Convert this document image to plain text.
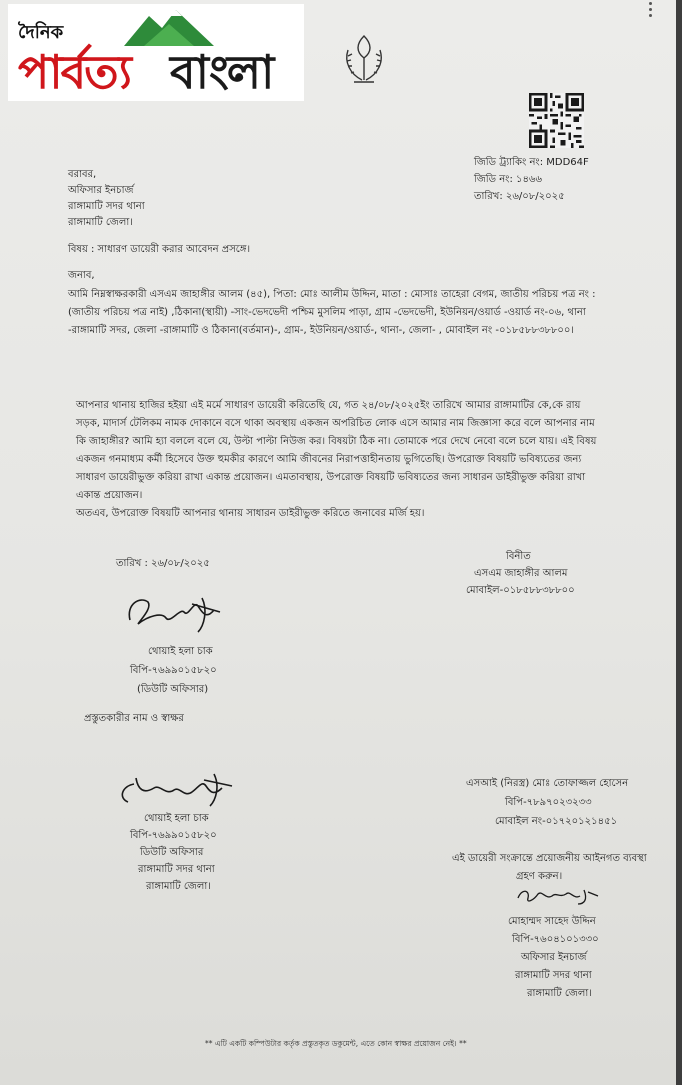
দৈনিক
পার্বত্য বাংলা
জিডি ট্র্যাকিং নং: MDD64F
জিডি নং: ১৪৬৬
তারিখ: ২৬/০৮/২০২৫
বরাবর,
অফিসার ইনচার্জ
রাঙ্গামাটি সদর থানা
রাঙ্গামাটি জেলা।
বিষয় : সাধারণ ডায়েরী করার আবেদন প্রসঙ্গে।
জনাব,
আমি নিম্নস্বাক্ষরকারী এসএম জাহাঙ্গীর আলম (৪৫), পিতা: মোঃ আলীম উদ্দিন, মাতা : মোসাঃ তাহেরা বেগম, জাতীয় পরিচয় পত্র নং :
(জাতীয় পরিচয় পত্র নাই) ,ঠিকানা(স্থায়ী) -সাং-ভেদভেদী পশ্চিম মুসলিম পাড়া, গ্রাম -ভেদভেদী, ইউনিয়ন/ওয়ার্ড -ওয়ার্ড নং-০৬, থানা
-রাঙ্গামাটি সদর, জেলা -রাঙ্গামাটি ও ঠিকানা(বর্তমান)-, গ্রাম-, ইউনিয়ন/ওয়ার্ড-, থানা-, জেলা- , মোবাইল নং -০১৮৫৮৮৩৮৮০০।
আপনার থানায় হাজির হইয়া এই মর্মে সাধারণ ডায়েরী করিতেছি যে, গত ২৪/০৮/২০২৫ইং তারিখে আমার রাঙ্গামাটির কে,কে রায়
সড়ক, মাদার্স টেলিকম নামক দোকানে বসে থাকা অবস্থায় একজন অপরিচিত লোক এসে আমার নাম জিজ্ঞাসা করে বলে আপনার নাম
কি জাহাঙ্গীর? আমি হ্যা বললে বলে যে, উল্টা পাল্টা নিউজ কর। বিষয়টা ঠিক না। তোমাকে পরে দেখে নেবো বলে চলে যায়। এই বিষয়
একজন গনমাধ্যম কর্মী হিসেবে উক্ত হুমকীর কারণে আমি জীবনের নিরাপত্তাহীনতায় ভুগিতেছি। উপরোক্ত বিষয়টি ভবিষ্যতের জন্য
সাধারণ ডায়েরীভুক্ত করিয়া রাখা একান্ত প্রয়োজন। এমতাবস্থায়, উপরোক্ত বিষয়টি ভবিষ্যতের জন্য সাধারন ডাইরীভুক্ত করিয়া রাখা
একান্ত প্রয়োজন।
অতএব, উপরোক্ত বিষয়টি আপনার থানায় সাধারন ডাইরীভুক্ত করিতে জনাবের মর্জি হয়।
তারিখ : ২৬/০৮/২০২৫
বিনীত
এসএম জাহাঙ্গীর আলম
মোবাইল-০১৮৫৮৮৩৮৮০০
থোয়াই হলা চাক
বিপি-৭৬৯৯০১৫৮২০
(ডিউটি অফিসার)
প্রস্তুতকারীর নাম ও স্বাক্ষর
এসআই (নিরস্ত্র) মোঃ তোফাজ্জল হোসেন
বিপি-৭৮৯৭০২৩২৩৩
মোবাইল নং-০১৭২০১২১৪৫১
থোয়াই হলা চাক
বিপি-৭৬৯৯০১৫৮২০
ডিউটি অফিসার
রাঙ্গামাটি সদর থানা
রাঙ্গামাটি জেলা।
এই ডায়েরী সংক্রান্তে প্রয়োজনীয় আইনগত ব্যবস্থা
গ্রহণ করুন।
মোহাম্মদ সাহেদ উদ্দিন
বিপি-৭৬০৪১০১৩৩০
অফিসার ইনচার্জ
রাঙ্গামাটি সদর থানা
রাঙ্গামাটি জেলা।
** এটি একটি কম্পিউটার কর্তৃক প্রস্তুতকৃত ডকুমেন্ট, এতে কোন স্বাক্ষর প্রয়োজন নেই। **
